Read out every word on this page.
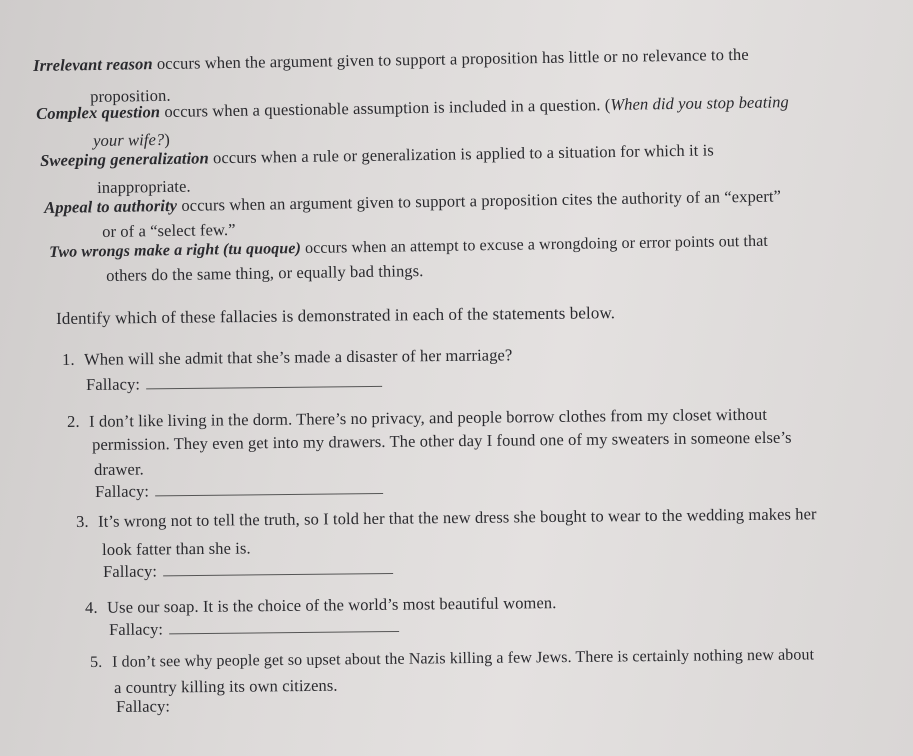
Irrelevant reason occurs when the argument given to support a proposition has little or no relevance to the
proposition.
Complex question occurs when a questionable assumption is included in a question. (When did you stop beating
your wife?)
Sweeping generalization occurs when a rule or generalization is applied to a situation for which it is
inappropriate.
Appeal to authority occurs when an argument given to support a proposition cites the authority of an “expert”
or of a “select few.”
Two wrongs make a right (tu quoque) occurs when an attempt to excuse a wrongdoing or error points out that
others do the same thing, or equally bad things.
Identify which of these fallacies is demonstrated in each of the statements below.
1. When will she admit that she’s made a disaster of her marriage?
Fallacy:
2. I don’t like living in the dorm. There’s no privacy, and people borrow clothes from my closet without
permission. They even get into my drawers. The other day I found one of my sweaters in someone else’s
drawer.
Fallacy:
3. It’s wrong not to tell the truth, so I told her that the new dress she bought to wear to the wedding makes her
look fatter than she is.
Fallacy:
4. Use our soap. It is the choice of the world’s most beautiful women.
Fallacy:
5. I don’t see why people get so upset about the Nazis killing a few Jews. There is certainly nothing new about
a country killing its own citizens.
Fallacy:
